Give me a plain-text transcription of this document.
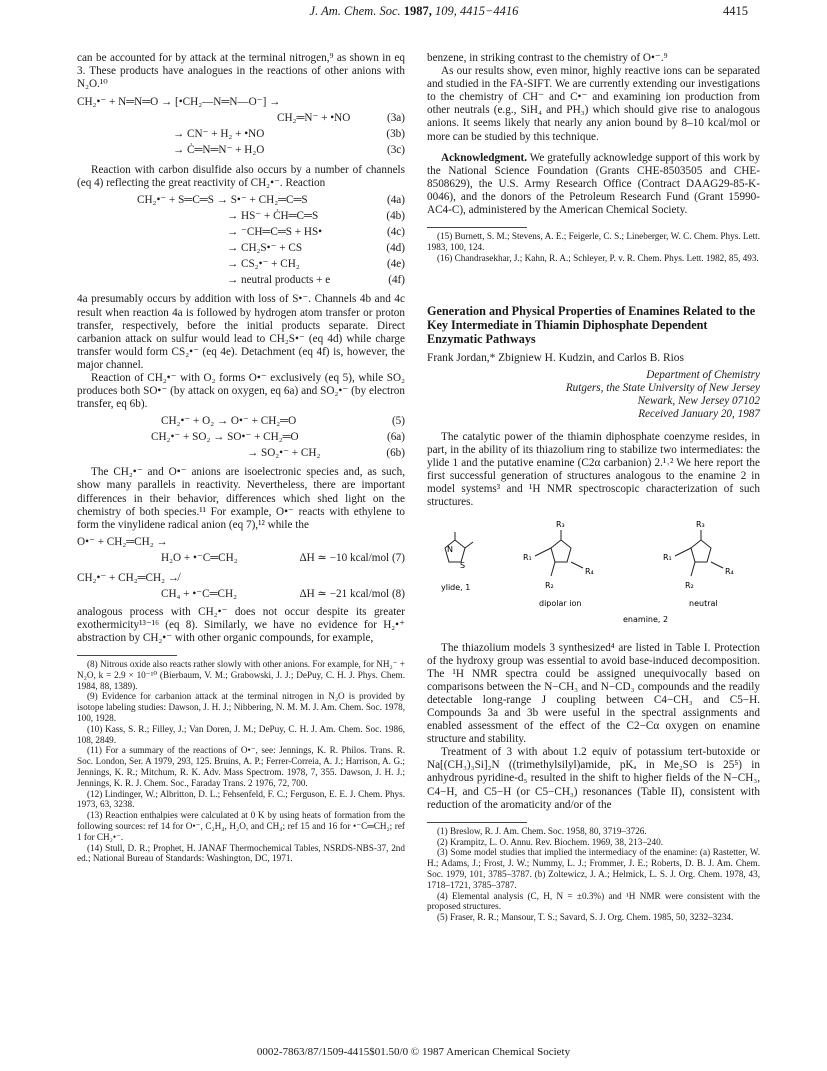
J. Am. Chem. Soc. 1987, 109, 4415−4416	4415

can be accounted for by attack at the terminal nitrogen,⁹ as shown in eq 3. These products have analogues in the reactions of other anions with N₂O.¹⁰

CH₂•⁻ + N═N═O → [•CH₂—N═N—O⁻] →
CH₂═N⁻ + •NO	(3a)
→ CN⁻ + H₂ + •NO	(3b)
→ Ċ═N═N⁻ + H₂O	(3c)

Reaction with carbon disulfide also occurs by a number of channels (eq 4) reflecting the great reactivity of CH₂•⁻. Reaction

CH₂•⁻ + S═C═S → S•⁻ + CH₂═C═S	(4a)
→ HS⁻ + ĊH═C═S	(4b)
→ ⁻CH═C═S + HS•	(4c)
→ CH₂S•⁻ + CS	(4d)
→ CS₂•⁻ + CH₂	(4e)
→ neutral products + e	(4f)

4a presumably occurs by addition with loss of S•⁻. Channels 4b and 4c result when reaction 4a is followed by hydrogen atom transfer or proton transfer, respectively, before the initial products separate. Direct carbanion attack on sulfur would lead to CH₂S•⁻ (eq 4d) while charge transfer would form CS₂•⁻ (eq 4e). Detachment (eq 4f) is, however, the major channel.

Reaction of CH₂•⁻ with O₂ forms O•⁻ exclusively (eq 5), while SO₂ produces both SO•⁻ (by attack on oxygen, eq 6a) and SO₂•⁻ (by electron transfer, eq 6b).

CH₂•⁻ + O₂ → O•⁻ + CH₂═O	(5)
CH₂•⁻ + SO₂ → SO•⁻ + CH₂═O	(6a)
→ SO₂•⁻ + CH₂	(6b)

The CH₂•⁻ and O•⁻ anions are isoelectronic species and, as such, show many parallels in reactivity. Nevertheless, there are important differences in their behavior, differences which shed light on the chemistry of both species.¹¹ For example, O•⁻ reacts with ethylene to form the vinylidene radical anion (eq 7),¹² while the

O•⁻ + CH₂═CH₂ →
H₂O + •⁻C═CH₂	ΔH ≃ −10 kcal/mol (7)
CH₂•⁻ + CH₂═CH₂ ↛
CH₄ + •⁻C═CH₂	ΔH ≃ −21 kcal/mol (8)

analogous process with CH₂•⁻ does not occur despite its greater exothermicity¹³⁻¹⁶ (eq 8). Similarly, we have no evidence for H₂•⁺ abstraction by CH₂•⁻ with other organic compounds, for example,

(8) Nitrous oxide also reacts rather slowly with other anions. For example, for NH₂⁻ + N₂O, k = 2.9 × 10⁻¹⁰ (Bierbaum, V. M.; Grabowski, J. J.; DePuy, C. H. J. Phys. Chem. 1984, 88, 1389).

(9) Evidence for carbanion attack at the terminal nitrogen in N₂O is provided by isotope labeling studies: Dawson, J. H. J.; Nibbering, N. M. M. J. Am. Chem. Soc. 1978, 100, 1928.

(10) Kass, S. R.; Filley, J.; Van Doren, J. M.; DePuy, C. H. J. Am. Chem. Soc. 1986, 108, 2849.

(11) For a summary of the reactions of O•⁻, see: Jennings, K. R. Philos. Trans. R. Soc. London, Ser. A 1979, 293, 125. Bruins, A. P.; Ferrer-Correia, A. J.; Harrison, A. G.; Jennings, K. R.; Mitchum, R. K. Adv. Mass Spectrom. 1978, 7, 355. Dawson, J. H. J.; Jennings, K. R. J. Chem. Soc., Faraday Trans. 2 1976, 72, 700.

(12) Lindinger, W.; Albritton, D. L.; Fehsenfeld, F. C.; Ferguson, E. E. J. Chem. Phys. 1973, 63, 3238.

(13) Reaction enthalpies were calculated at 0 K by using heats of formation from the following sources: ref 14 for O•⁻, C₂H₄, H₂O, and CH₄; ref 15 and 16 for •⁻C═CH₂; ref 1 for CH₂•⁻.

(14) Stull, D. R.; Prophet, H. JANAF Thermochemical Tables, NSRDS-NBS-37, 2nd ed.; National Bureau of Standards: Washington, DC, 1971.

benzene, in striking contrast to the chemistry of O•⁻.⁹

As our results show, even minor, highly reactive ions can be separated and studied in the FA-SIFT. We are currently extending our investigations to the chemistry of CH⁻ and C•⁻ and examining ion production from other neutrals (e.g., SiH₄ and PH₃) which should give rise to analogous anions. It seems likely that nearly any anion bound by 8–10 kcal/mol or more can be studied by this technique.

Acknowledgment. We gratefully acknowledge support of this work by the National Science Foundation (Grants CHE-8503505 and CHE-8508629), the U.S. Army Research Office (Contract DAAG29-85-K-0046), and the donors of the Petroleum Research Fund (Grant 15990-AC4-C), administered by the American Chemical Society.

(15) Burnett, S. M.; Stevens, A. E.; Feigerle, C. S.; Lineberger, W. C. Chem. Phys. Lett. 1983, 100, 124.

(16) Chandrasekhar, J.; Kahn, R. A.; Schleyer, P. v. R. Chem. Phys. Lett. 1982, 85, 493.

Generation and Physical Properties of Enamines Related to the Key Intermediate in Thiamin Diphosphate Dependent Enzymatic Pathways
Frank Jordan,* Zbigniew H. Kudzin, and Carlos B. Rios
Department of Chemistry
Rutgers, the State University of New Jersey
Newark, New Jersey 07102
Received January 20, 1987

The catalytic power of the thiamin diphosphate coenzyme resides, in part, in the ability of its thiazolium ring to stabilize two intermediates: the ylide 1 and the putative enamine (C2α carbanion) 2.¹˒² We here report the first successful generation of structures analogous to the enamine 2 in model systems³ and ¹H NMR spectroscopic characterization of such structures.

N
S
ylide, 1
R₃
R₁
R₄
R₂
dipolar ion
R₃
R₁
R₄
R₂
neutral
enamine, 2

The thiazolium models 3 synthesized⁴ are listed in Table I. Protection of the hydroxy group was essential to avoid base-induced decomposition. The ¹H NMR spectra could be assigned unequivocally based on comparisons between the N−CH₃ and N−CD₃ compounds and the readily detectable long-range J coupling between C4−CH₃ and C5−H. Compounds 3a and 3b were useful in the spectral assignments and enabled assessment of the effect of the C2−Cα oxygen on enamine structure and stability.

Treatment of 3 with about 1.2 equiv of potassium tert-butoxide or Na[(CH₃)₃Si]₂N ((trimethylsilyl)amide, pKₐ in Me₂SO is 25⁵) in anhydrous pyridine-d₅ resulted in the shift to higher fields of the N−CH₃, C4−H, and C5−H (or C5−CH₃) resonances (Table II), consistent with reduction of the aromaticity and/or of the

(1) Breslow, R. J. Am. Chem. Soc. 1958, 80, 3719–3726.

(2) Krampitz, L. O. Annu. Rev. Biochem. 1969, 38, 213–240.

(3) Some model studies that implied the intermediacy of the enamine: (a) Rastetter, W. H.; Adams, J.; Frost, J. W.; Nummy, L. J.; Frommer, J. E.; Roberts, D. B. J. Am. Chem. Soc. 1979, 101, 3785–3787. (b) Zoltewicz, J. A.; Helmick, L. S. J. Org. Chem. 1978, 43, 1718–1721, 3785–3787.

(4) Elemental analysis (C, H, N = ±0.3%) and ¹H NMR were consistent with the proposed structures.

(5) Fraser, R. R.; Mansour, T. S.; Savard, S. J. Org. Chem. 1985, 50, 3232–3234.

0002-7863/87/1509-4415$01.50/0 © 1987 American Chemical Society
